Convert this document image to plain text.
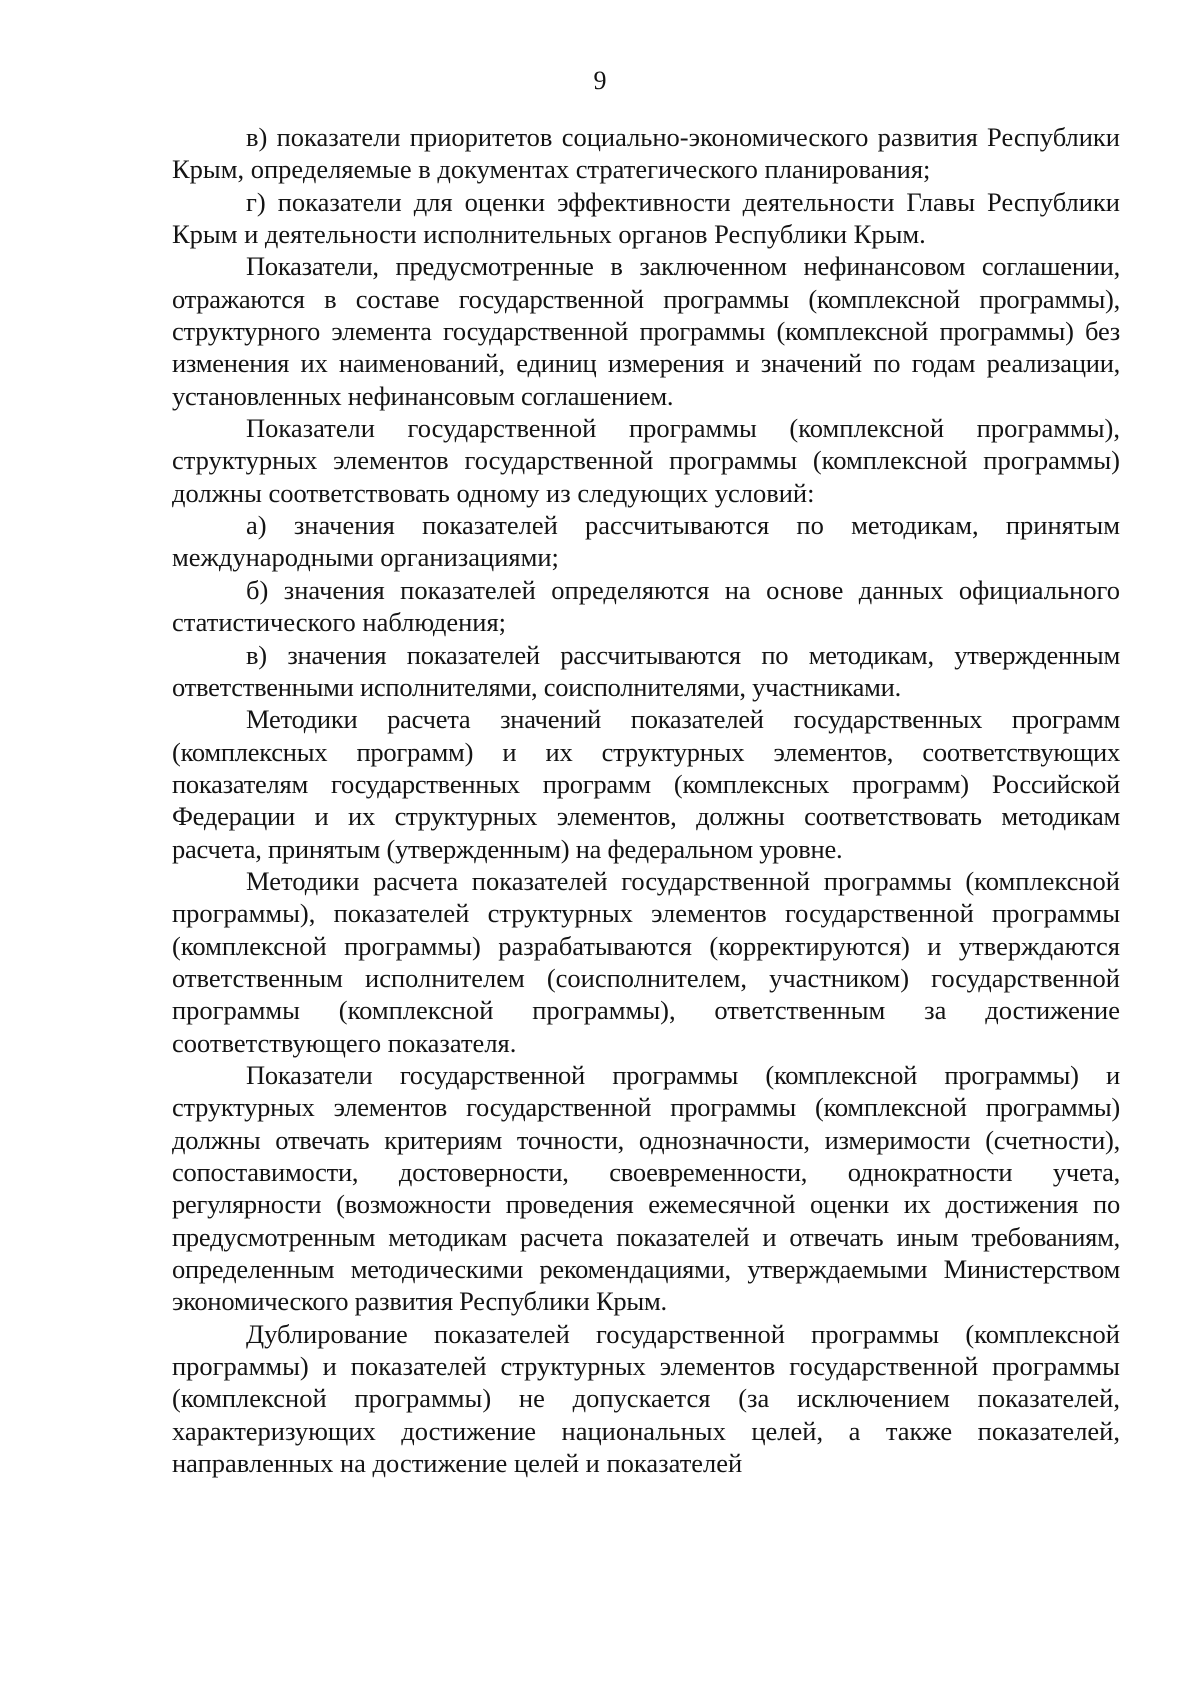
9

в) показатели приоритетов социально-экономического развития Республики Крым, определяемые в документах стратегического планирования;

г) показатели для оценки эффективности деятельности Главы Республики Крым и деятельности исполнительных органов Республики Крым.

Показатели, предусмотренные в заключенном нефинансовом соглашении, отражаются в составе государственной программы (комплексной программы), структурного элемента государственной программы (комплексной программы) без изменения их наименований, единиц измерения и значений по годам реализации, установленных нефинансовым соглашением.

Показатели государственной программы (комплексной программы), структурных элементов государственной программы (комплексной программы) должны соответствовать одному из следующих условий:

а) значения показателей рассчитываются по методикам, принятым международными организациями;

б) значения показателей определяются на основе данных официального статистического наблюдения;

в) значения показателей рассчитываются по методикам, утвержденным ответственными исполнителями, соисполнителями, участниками.

Методики расчета значений показателей государственных программ (комплексных программ) и их структурных элементов, соответствующих показателям государственных программ (комплексных программ) Российской Федерации и их структурных элементов, должны соответствовать методикам расчета, принятым (утвержденным) на федеральном уровне.

Методики расчета показателей государственной программы (комплексной программы), показателей структурных элементов государственной программы (комплексной программы) разрабатываются (корректируются) и утверждаются ответственным исполнителем (соисполнителем, участником) государственной программы (комплексной программы), ответственным за достижение соответствующего показателя.

Показатели государственной программы (комплексной программы) и структурных элементов государственной программы (комплексной программы) должны отвечать критериям точности, однозначности, измеримости (счетности), сопоставимости, достоверности, своевременности, однократности учета, регулярности (возможности проведения ежемесячной оценки их достижения по предусмотренным методикам расчета показателей и отвечать иным требованиям, определенным методическими рекомендациями, утверждаемыми Министерством экономического развития Республики Крым.

Дублирование показателей государственной программы (комплексной программы) и показателей структурных элементов государственной программы (комплексной программы) не допускается (за исключением показателей, характеризующих достижение национальных целей, а также показателей, направленных на достижение целей и показателей
